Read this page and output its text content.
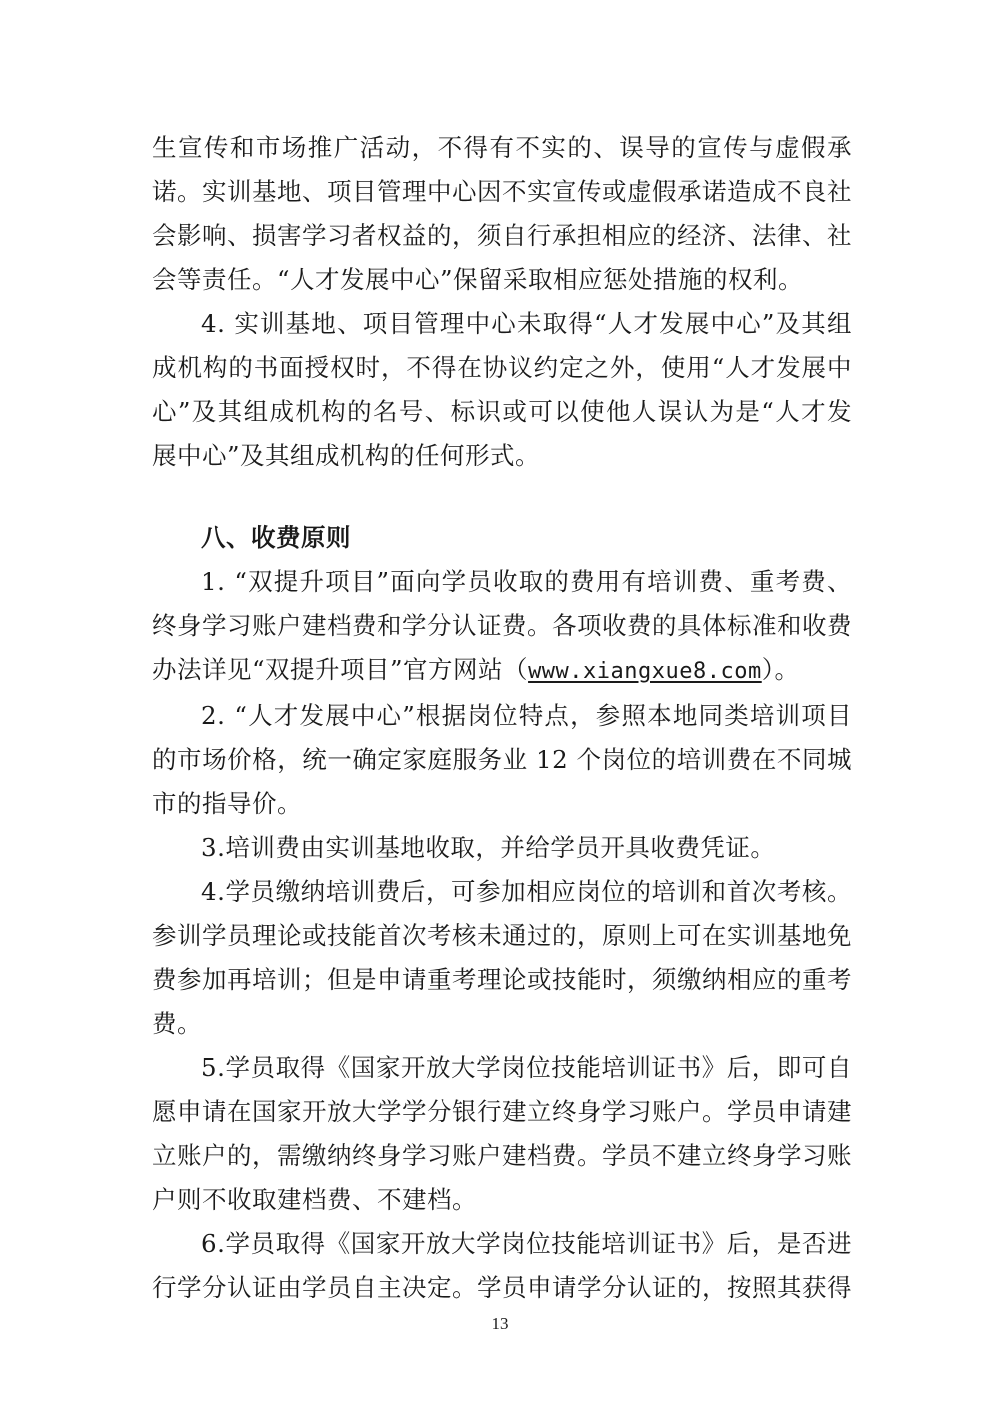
生宣传和市场推广活动，不得有不实的、误导的宣传与虚假承诺。实训基地、项目管理中心因不实宣传或虚假承诺造成不良社会影响、损害学习者权益的，须自行承担相应的经济、法律、社会等责任。“人才发展中心”保留采取相应惩处措施的权利。

4. 实训基地、项目管理中心未取得“人才发展中心”及其组成机构的书面授权时，不得在协议约定之外，使用“人才发展中心”及其组成机构的名号、标识或可以使他人误认为是“人才发展中心”及其组成机构的任何形式。

八、收费原则

1. “双提升项目”面向学员收取的费用有培训费、重考费、终身学习账户建档费和学分认证费。各项收费的具体标准和收费办法详见“双提升项目”官方网站（www.xiangxue8.com）。

2. “人才发展中心”根据岗位特点，参照本地同类培训项目的市场价格，统一确定家庭服务业 12 个岗位的培训费在不同城市的指导价。

3.培训费由实训基地收取，并给学员开具收费凭证。

4.学员缴纳培训费后，可参加相应岗位的培训和首次考核。参训学员理论或技能首次考核未通过的，原则上可在实训基地免费参加再培训；但是申请重考理论或技能时，须缴纳相应的重考费。

5.学员取得《国家开放大学岗位技能培训证书》后，即可自愿申请在国家开放大学学分银行建立终身学习账户。学员申请建立账户的，需缴纳终身学习账户建档费。学员不建立终身学习账户则不收取建档费、不建档。

6.学员取得《国家开放大学岗位技能培训证书》后，是否进行学分认证由学员自主决定。学员申请学分认证的，按照其获得

13
